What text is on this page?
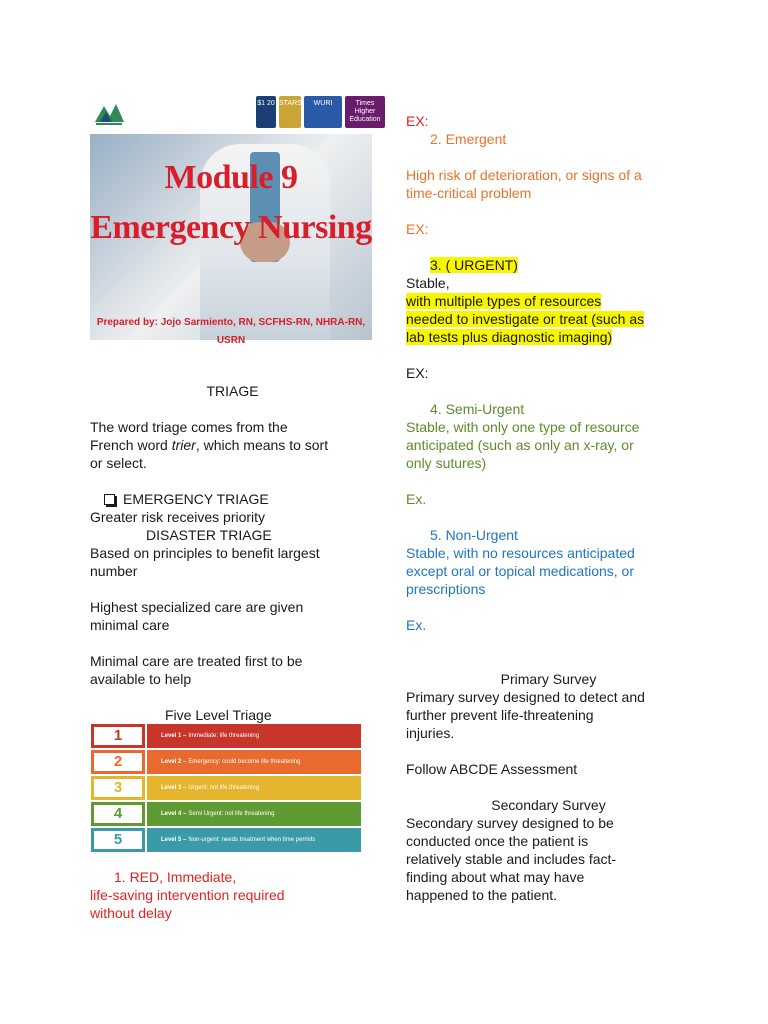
$1 20 STARS	WURI	Times Higher Education
Module 9
Emergency Nursing
Prepared by: Jojo Sarmiento, RN, SCFHS-RN, NHRA-RN, USRN

TRIAGE

The word triage comes from the

French word trier, which means to sort

or select.

EMERGENCY TRIAGE

Greater risk receives priority

DISASTER TRIAGE

Based on principles to benefit largest

number

Highest specialized care are given

minimal care

Minimal care are treated first to be

available to help

Five Level Triage

1	Level 1 – Immediate: life threatening
2	Level 2 – Emergency: could become life threatening
3	Level 3 – Urgent: not life threatening
4	Level 4 – Semi Urgent: not life threatening
5	Level 5 – Non-urgent: needs treatment when time permits

1. RED, Immediate,

life-saving intervention required

without delay

EX:

2. Emergent

High risk of deterioration, or signs of a

time-critical problem

EX:

3. ( URGENT)

Stable,

with multiple types of resources

needed to investigate or treat (such as

lab tests plus diagnostic imaging)

EX:

4. Semi-Urgent

Stable, with only one type of resource

anticipated (such as only an x-ray, or

only sutures)

Ex.

5. Non-Urgent

Stable, with no resources anticipated

except oral or topical medications, or

prescriptions

Ex.

Primary Survey

Primary survey designed to detect and

further prevent life-threatening

injuries.

Follow ABCDE Assessment

Secondary Survey

Secondary survey designed to be

conducted once the patient is

relatively stable and includes fact-

finding about what may have

happened to the patient.
